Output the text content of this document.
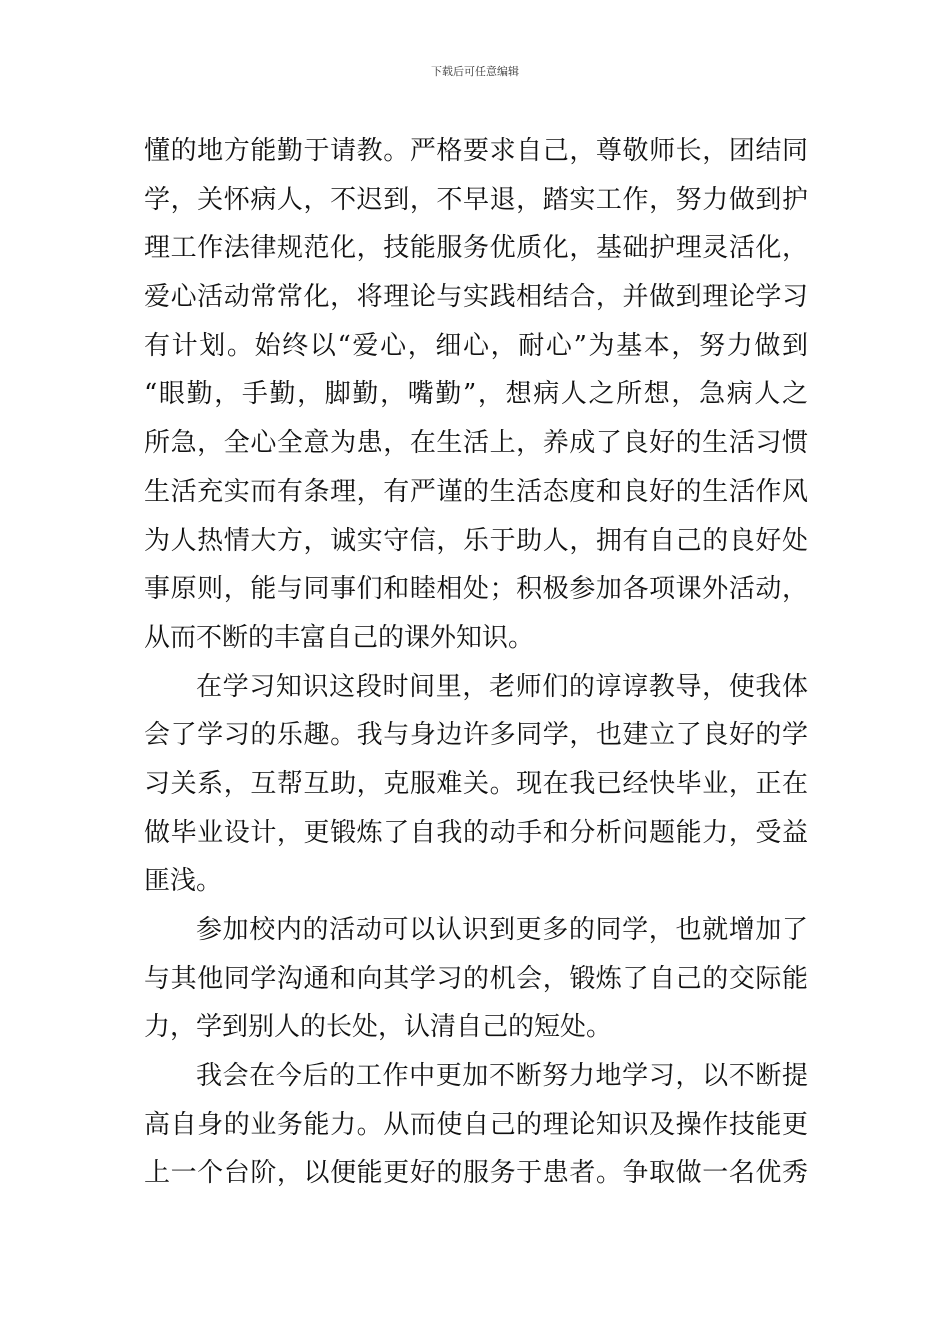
下载后可任意编辑
懂的地方能勤于请教。严格要求自己，尊敬师长，团结同
学，关怀病人，不迟到，不早退，踏实工作，努力做到护
理工作法律规范化，技能服务优质化，基础护理灵活化，
爱心活动常常化，将理论与实践相结合，并做到理论学习
有计划。始终以“爱心，细心，耐心”为基本，努力做到
“眼勤，手勤，脚勤，嘴勤”，想病人之所想，急病人之
所急，全心全意为患，在生活上，养成了良好的生活习惯
生活充实而有条理，有严谨的生活态度和良好的生活作风
为人热情大方，诚实守信，乐于助人，拥有自己的良好处
事原则，能与同事们和睦相处；积极参加各项课外活动，
从而不断的丰富自己的课外知识。
在学习知识这段时间里，老师们的谆谆教导，使我体
会了学习的乐趣。我与身边许多同学，也建立了良好的学
习关系，互帮互助，克服难关。现在我已经快毕业，正在
做毕业设计，更锻炼了自我的动手和分析问题能力，受益
匪浅。
参加校内的活动可以认识到更多的同学，也就增加了
与其他同学沟通和向其学习的机会，锻炼了自己的交际能
力，学到别人的长处，认清自己的短处。
我会在今后的工作中更加不断努力地学习，以不断提
高自身的业务能力。从而使自己的理论知识及操作技能更
上一个台阶，以便能更好的服务于患者。争取做一名优秀
